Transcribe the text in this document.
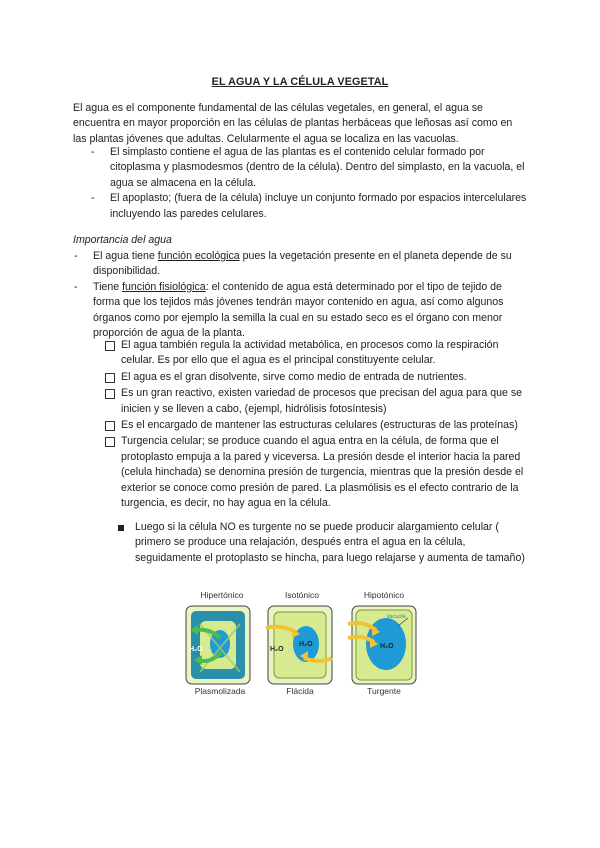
EL AGUA Y LA CÉLULA VEGETAL
El agua es el componente fundamental de las células vegetales, en general, el agua se encuentra en mayor proporción en las células de plantas herbáceas que leñosas así como en las plantas jóvenes que adultas. Celularmente el agua se localiza en las vacuolas.
- El simplasto contiene el agua de las plantas es el contenido celular formado por citoplasma y plasmodesmos (dentro de la célula). Dentro del simplasto, en la vacuola, el agua se almacena en la célula.
- El apoplasto; (fuera de la célula) incluye un conjunto formado por espacios intercelulares incluyendo las paredes celulares.
Importancia del agua
- El agua tiene función ecológica pues la vegetación presente en el planeta depende de su disponibilidad.
- Tiene función fisiológica: el contenido de agua está determinado por el tipo de tejido de forma que los tejidos más jóvenes tendrán mayor contenido en agua, así como algunos órganos como por ejemplo la semilla la cual en su estado seco es el órgano con menor proporción de agua de la planta.
El agua también regula la actividad metabólica, en procesos como la respiración celular. Es por ello que el agua es el principal constituyente celular.
El agua es el gran disolvente, sirve como medio de entrada de nutrientes.
Es un gran reactivo, existen variedad de procesos que precisan del agua para que se inicien y se lleven a cabo, (ejempl, hidrólisis fotosíntesis)
Es el encargado de mantener las estructuras celulares (estructuras de las proteínas)
Turgencia celular; se produce cuando el agua entra en la célula, de forma que el protoplasto empuja a la pared y viceversa. La presión desde el interior hacia la pared (celula hinchada) se denomina presión de turgencia, mientras que la presión desde el exterior se conoce como presión de pared. La plasmólisis es el efecto contrario de la turgencia, es decir, no hay agua en la célula.
Luego si la célula NO es turgente no se puede producir alargamiento celular ( primero se produce una relajación, después entra el agua en la célula, seguidamente el protoplasto se hincha, para luego relajarse y aumenta de tamaño)
Hipertónico	Isotónico	Hipotónico
H₂O	H₂O
H₂O	H₂O
Vacuola
Plasmolizada	Flácida	Turgente
